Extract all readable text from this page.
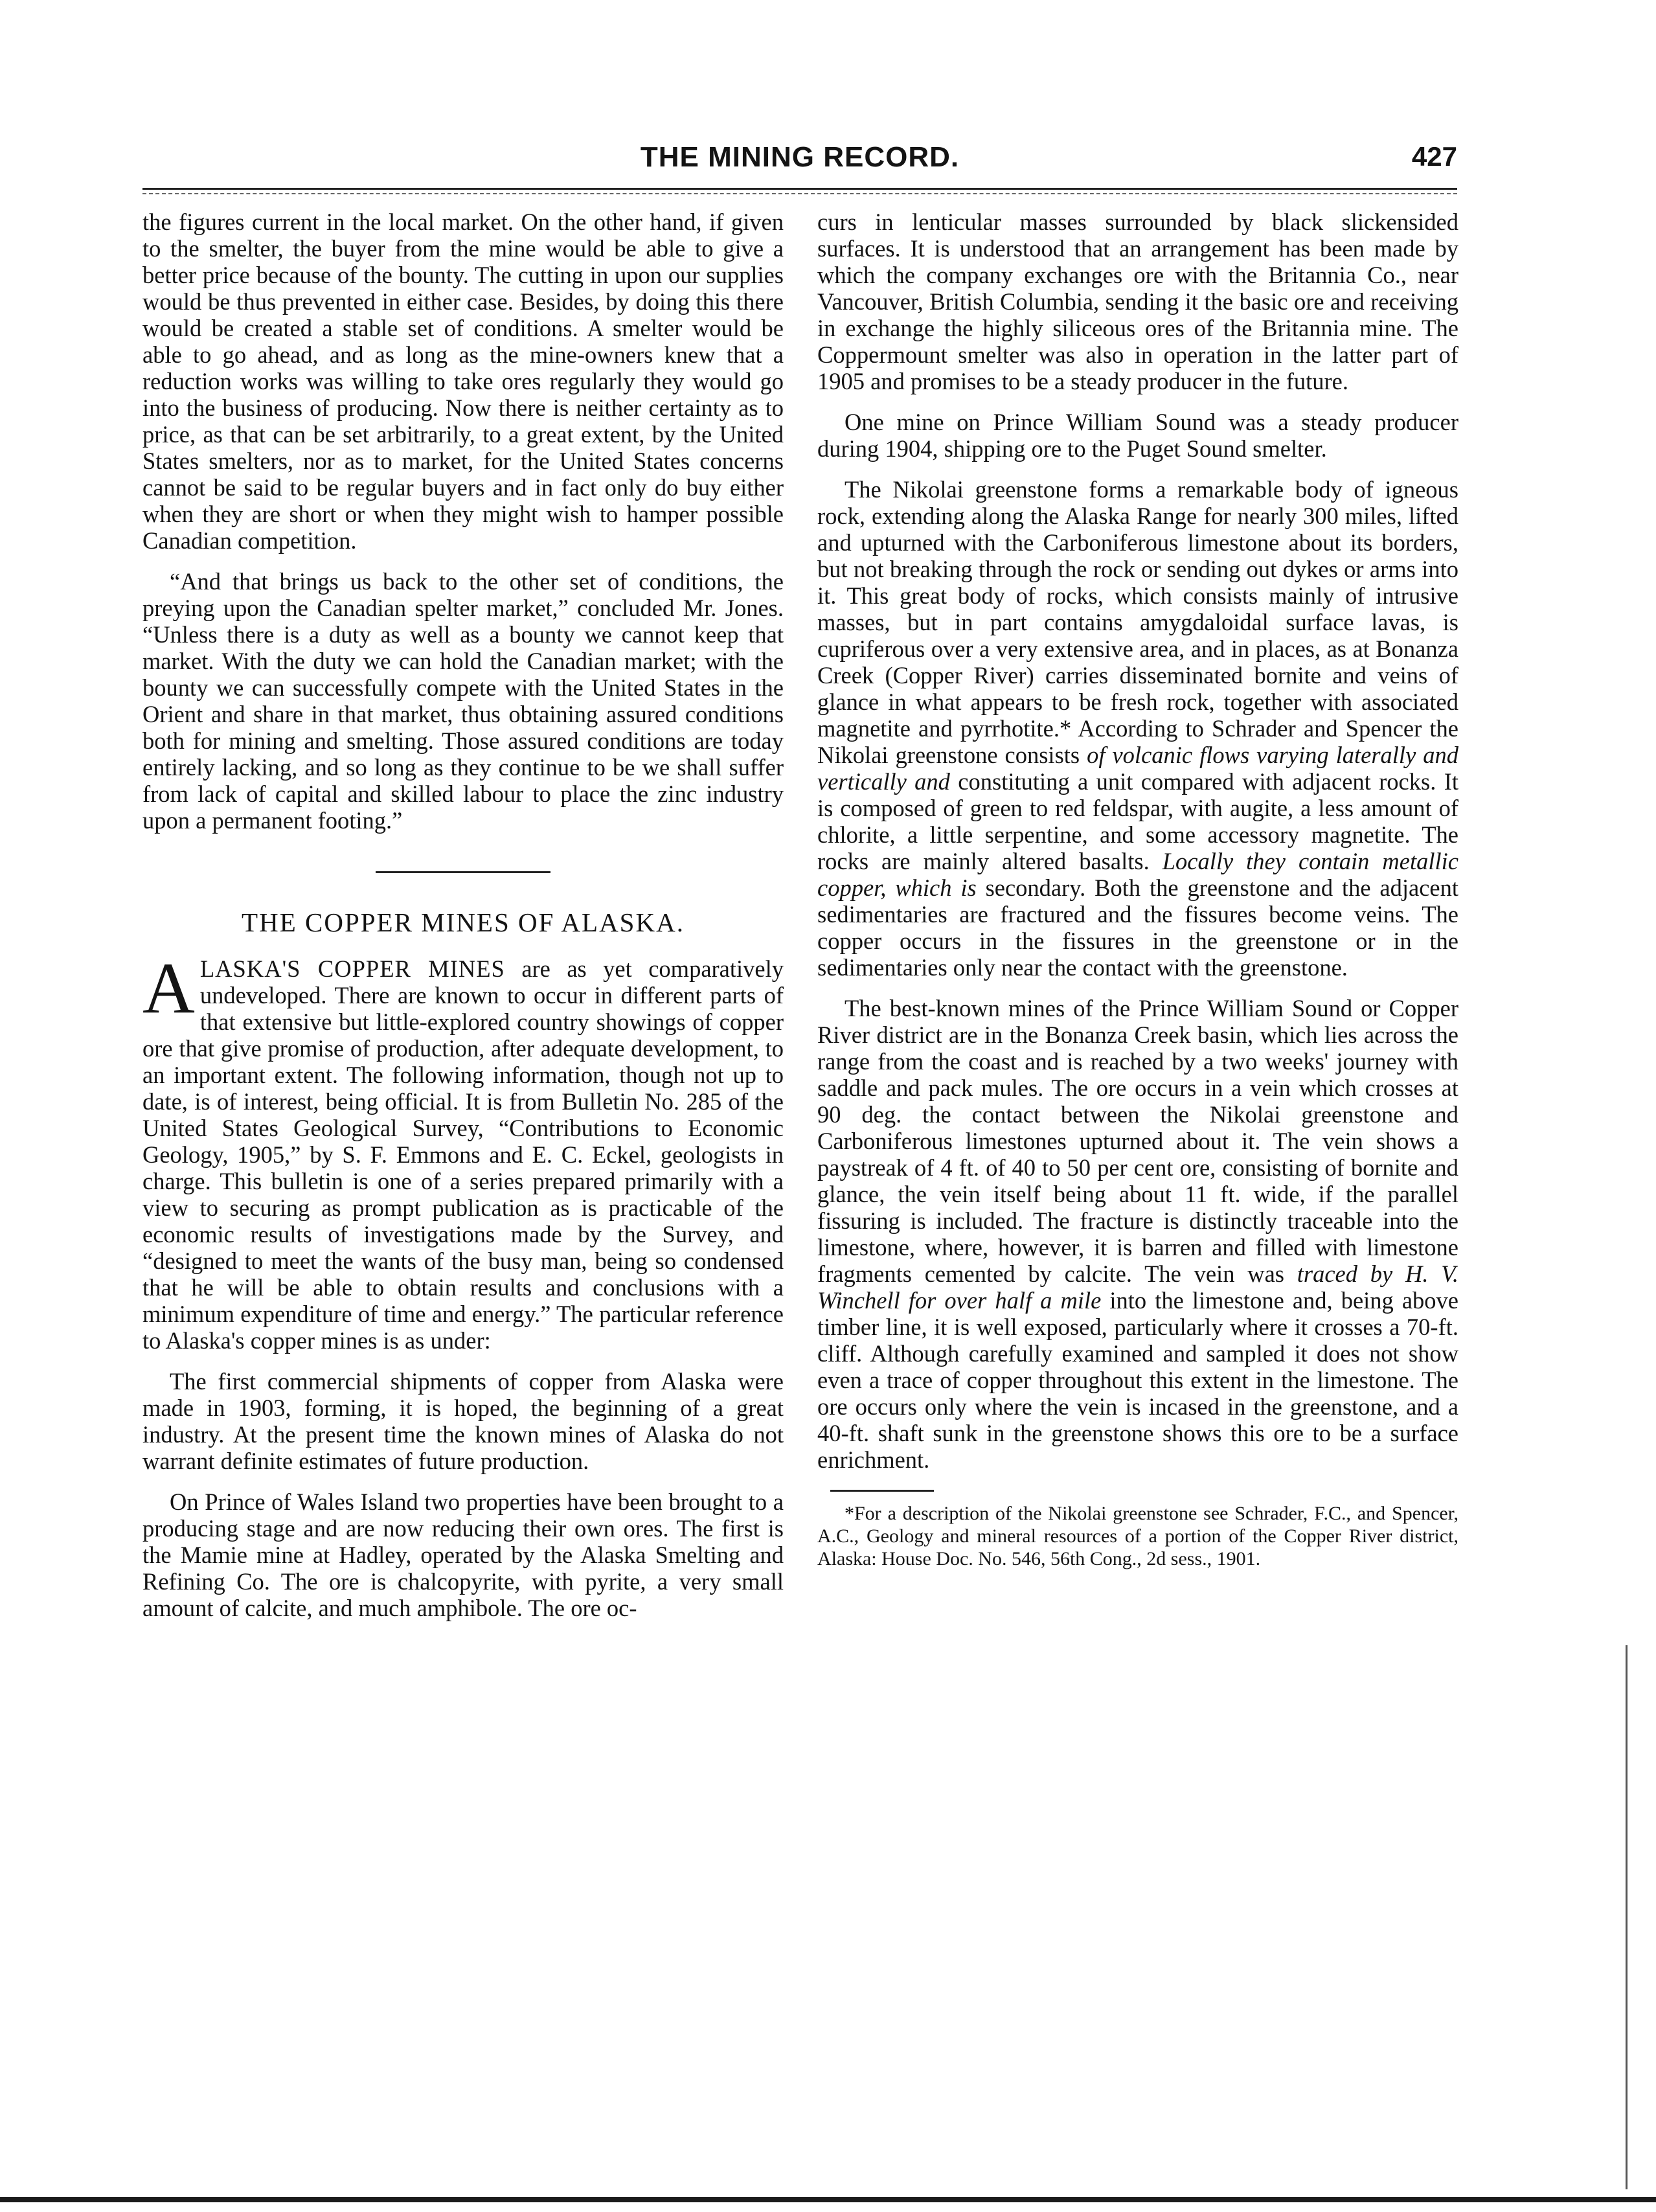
THE MINING RECORD.	427

the figures current in the local market. On the other hand, if given to the smelter, the buyer from the mine would be able to give a better price because of the bounty. The cutting in upon our supplies would be thus prevented in either case. Besides, by doing this there would be created a stable set of conditions. A smelter would be able to go ahead, and as long as the mine-owners knew that a reduction works was willing to take ores regularly they would go into the business of producing. Now there is neither certainty as to price, as that can be set arbitrarily, to a great extent, by the United States smelters, nor as to market, for the United States concerns cannot be said to be regular buyers and in fact only do buy either when they are short or when they might wish to hamper possible Canadian competition.

“And that brings us back to the other set of conditions, the preying upon the Canadian spelter market,” concluded Mr. Jones. “Unless there is a duty as well as a bounty we cannot keep that market. With the duty we can hold the Canadian market; with the bounty we can successfully compete with the United States in the Orient and share in that market, thus obtaining assured conditions both for mining and smelting. Those assured conditions are today entirely lacking, and so long as they continue to be we shall suffer from lack of capital and skilled labour to place the zinc industry upon a permanent footing.”

THE COPPER MINES OF ALASKA.

ALASKA'S COPPER MINES are as yet comparatively undeveloped. There are known to occur in different parts of that extensive but little-explored country showings of copper ore that give promise of production, after adequate development, to an important extent. The following information, though not up to date, is of interest, being official. It is from Bulletin No. 285 of the United States Geological Survey, “Contributions to Economic Geology, 1905,” by S. F. Emmons and E. C. Eckel, geologists in charge. This bulletin is one of a series prepared primarily with a view to securing as prompt publication as is practicable of the economic results of investigations made by the Survey, and “designed to meet the wants of the busy man, being so condensed that he will be able to obtain results and conclusions with a minimum expenditure of time and energy.” The particular reference to Alaska's copper mines is as under:

The first commercial shipments of copper from Alaska were made in 1903, forming, it is hoped, the beginning of a great industry. At the present time the known mines of Alaska do not warrant definite estimates of future production.

On Prince of Wales Island two properties have been brought to a producing stage and are now reducing their own ores. The first is the Mamie mine at Hadley, operated by the Alaska Smelting and Refining Co. The ore is chalcopyrite, with pyrite, a very small amount of calcite, and much amphibole. The ore oc-

curs in lenticular masses surrounded by black slickensided surfaces. It is understood that an arrangement has been made by which the company exchanges ore with the Britannia Co., near Vancouver, British Columbia, sending it the basic ore and receiving in exchange the highly siliceous ores of the Britannia mine. The Coppermount smelter was also in operation in the latter part of 1905 and promises to be a steady producer in the future.

One mine on Prince William Sound was a steady producer during 1904, shipping ore to the Puget Sound smelter.

The Nikolai greenstone forms a remarkable body of igneous rock, extending along the Alaska Range for nearly 300 miles, lifted and upturned with the Carboniferous limestone about its borders, but not breaking through the rock or sending out dykes or arms into it. This great body of rocks, which consists mainly of intrusive masses, but in part contains amygdaloidal surface lavas, is cupriferous over a very extensive area, and in places, as at Bonanza Creek (Copper River) carries disseminated bornite and veins of glance in what appears to be fresh rock, together with associated magnetite and pyrrhotite.* According to Schrader and Spencer the Nikolai greenstone consists of volcanic flows varying laterally and vertically and constituting a unit compared with adjacent rocks. It is composed of green to red feldspar, with augite, a less amount of chlorite, a little serpentine, and some accessory magnetite. The rocks are mainly altered basalts. Locally they contain metallic copper, which is secondary. Both the greenstone and the adjacent sedimentaries are fractured and the fissures become veins. The copper occurs in the fissures in the greenstone or in the sedimentaries only near the contact with the greenstone.

The best-known mines of the Prince William Sound or Copper River district are in the Bonanza Creek basin, which lies across the range from the coast and is reached by a two weeks' journey with saddle and pack mules. The ore occurs in a vein which crosses at 90 deg. the contact between the Nikolai greenstone and Carboniferous limestones upturned about it. The vein shows a paystreak of 4 ft. of 40 to 50 per cent ore, consisting of bornite and glance, the vein itself being about 11 ft. wide, if the parallel fissuring is included. The fracture is distinctly traceable into the limestone, where, however, it is barren and filled with limestone fragments cemented by calcite. The vein was traced by H. V. Winchell for over half a mile into the limestone and, being above timber line, it is well exposed, particularly where it crosses a 70-ft. cliff. Although carefully examined and sampled it does not show even a trace of copper throughout this extent in the limestone. The ore occurs only where the vein is incased in the greenstone, and a 40-ft. shaft sunk in the greenstone shows this ore to be a surface enrichment.

*For a description of the Nikolai greenstone see Schrader, F.C., and Spencer, A.C., Geology and mineral resources of a portion of the Copper River district, Alaska: House Doc. No. 546, 56th Cong., 2d sess., 1901.
